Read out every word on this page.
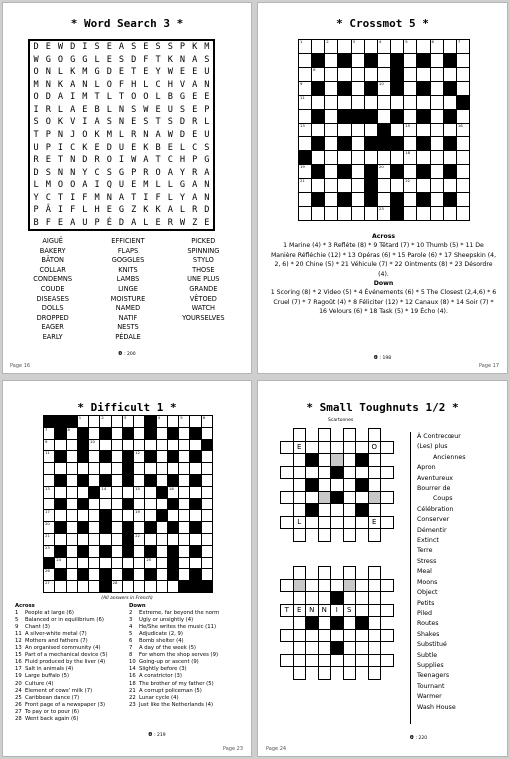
* Word Search 3 *
D E W D I S E A S E S S P K M
W G O G G L E S D F T K N A S
O N L K M G D E T E Y W E E U
M N K A N L O F H L C H V A N
O D A I M T L T O O L B G E E
I R L A E B L N S W E U S E P
S O K V I A S N E S T S D R L
T P N J O K M L R N A W D E U
U P I C K E D U E K B E L C S
R E T N D R O I W A T C H P G
D S N N Y C S G P R O A Y R A
L M O O A I Q U E M L L G A N
Y C T I F M N A T I F L Y A N
P Â I F L H E G Z K K A L R D
B F E A U P É D A L E R W Z E
AIGUË	EFFICIENT	PICKED
BAKERY	FLAPS	SPINNING
BÂTON	GOGGLES	STYLO
COLLAR	KNITS	THOSE
CONDEMNS	LAMBS	UNE PLUS
COUDE	LINGE	GRANDE
DISEASES	MOISTURE	VÊTOED
DOLLS	NAMED	WATCH
DROPPED	NATIF	YOURSELVES
EAGER	NESTS
EARLY	PÉDALE
θ : 200
Page 16
* Crossmot 5 *
1	2	3	4	5	6	7
8
9	10
11
13	15	16
18
19	20
21	22
23
Across
1 Marine (4) * 3 Refléte (8) * 9 Têtard (7) * 10 Thumb (5) * 11 De Manière Réfléchie (12) * 13 Opéras (6) * 15 Parole (6) * 17 Sheepskin (4, 2, 6) * 20 Chine (5) * 21 Véhicule (7) * 22 Ointments (8) * 23 Désordre (4).
Down
1 Scoring (8) * 2 Video (5) * 4 Événements (6) * 5 The Closest (2,4,6) * 6 Cruel (7) * 7 Ragoût (4) * 8 Féliciter (12) * 12 Canaux (8) * 14 Soir (7) * 16 Velours (6) * 18 Task (5) * 19 Écho (4).
θ : 198
Page 17
* Difficult 1 *
1	2	3	4	5	6
7	8
9	10
11	12
13	14	15	16
17	19
20
21	22
23
24	25
26
27	28
(All answers in French)
Across
1	People at large (6)
5	Balanced or in equilibrium (6)
9	Chant (3)
11 A silver-white metal (7)
12 Mothers and fathers (7)
13 An organised community (4)
15 Part of a mechanical device (5)
16 Fluid produced by the liver (4)
17 Salt in animals (4)
19 Large buffalo (5)
20 Culture (4)
24 Element of cows' milk (7)
25 Caribbean dance (7)
26 Front page of a newspaper (3)
27 To pay or to pour (6)
28 Went back again (6)
Down
2	Extreme, far beyond the norm
3	Ugly or unsightly (4)
4	He/She writes the music (11)
5	Adjudicate (2, 9)
6	Bomb shelter (4)
7	A day of the week (5)
8	For whom the shop serves (9)
10 Going-up or ascent (9)
14 Slightly before (3)
16 A constrictor (3)
18 The brother of my father (5)
21 A corrupt policeman (5)
22 Lunar cycle (4)
23 Just like the Netherlands (4)
θ : 219
Page 23
* Small Toughnuts 1/2 *
Scartonnes
E	O
L	E
T E N N I S
À Contrecœur
(Les) plus
Anciennes
Apron
Aventureux
Bourrer de
Coups
Célébration
Conserver
Démentir
Extinct
Terre
Stress
Meal
Moons
Object
Petits
Piled
Routes
Shakes
Substitué
Subtle
Supplies
Teenagers
Tournant
Warmer
Wash House
θ : 220
Page 24
